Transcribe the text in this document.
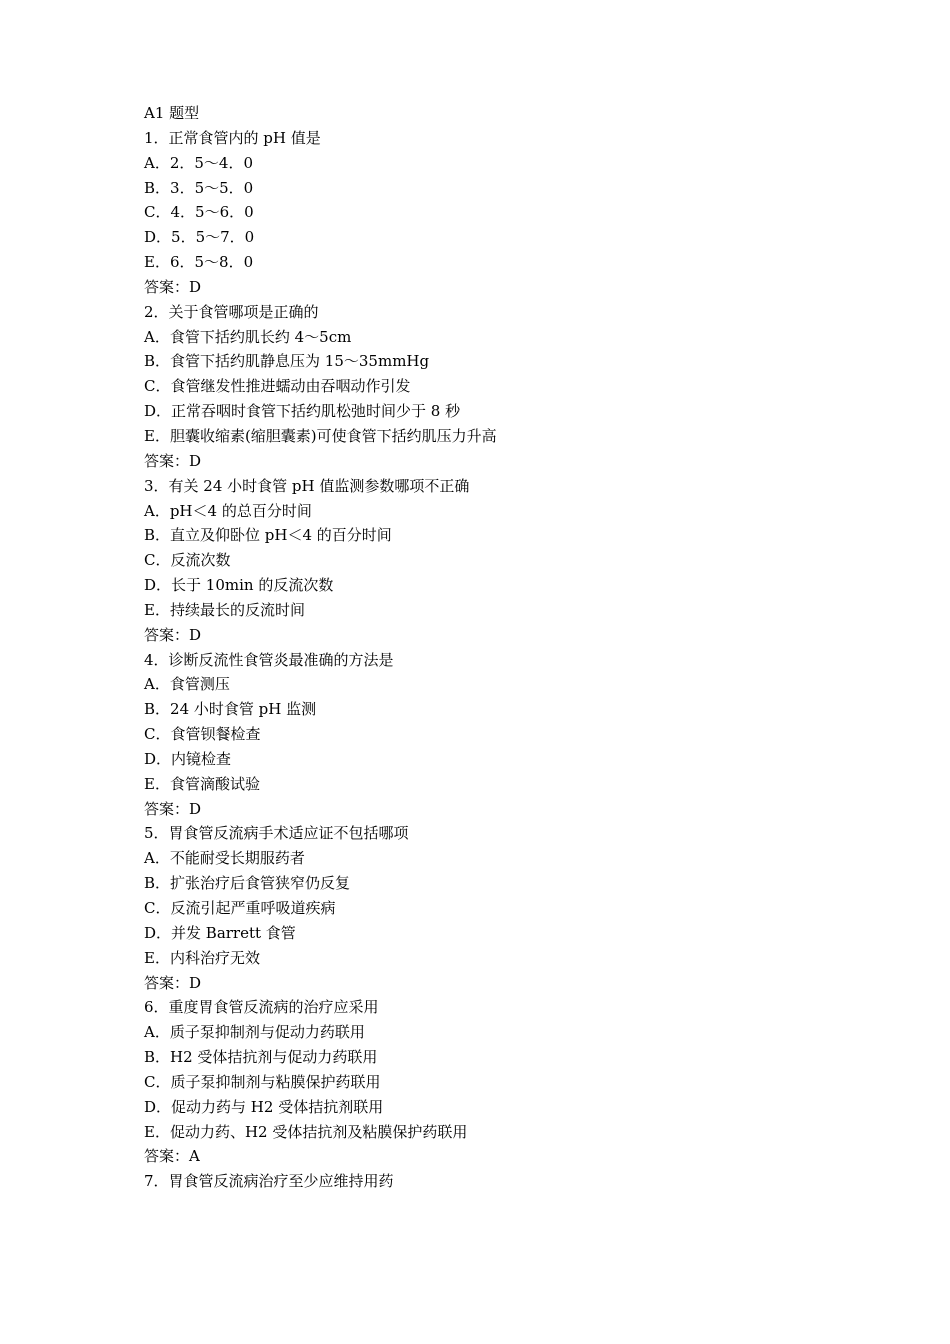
A1 题型
1．正常食管内的 pH 值是
A．2．5～4．0
B．3．5～5．0
C．4．5～6．0
D．5．5～7．0
E．6．5～8．0
答案：D
2．关于食管哪项是正确的
A．食管下括约肌长约 4～5cm
B．食管下括约肌静息压为 15～35mmHg
C．食管继发性推进蠕动由吞咽动作引发
D．正常吞咽时食管下括约肌松弛时间少于 8 秒
E．胆囊收缩素(缩胆囊素)可使食管下括约肌压力升高
答案：D
3．有关 24 小时食管 pH 值监测参数哪项不正确
A．pH＜4 的总百分时间
B．直立及仰卧位 pH＜4 的百分时间
C．反流次数
D．长于 10min 的反流次数
E．持续最长的反流时间
答案：D
4．诊断反流性食管炎最准确的方法是
A．食管测压
B．24 小时食管 pH 监测
C．食管钡餐检查
D．内镜检查
E．食管滴酸试验
答案：D
5．胃食管反流病手术适应证不包括哪项
A．不能耐受长期服药者
B．扩张治疗后食管狭窄仍反复
C．反流引起严重呼吸道疾病
D．并发 Barrett 食管
E．内科治疗无效
答案：D
6．重度胃食管反流病的治疗应采用
A．质子泵抑制剂与促动力药联用
B．H2 受体拮抗剂与促动力药联用
C．质子泵抑制剂与粘膜保护药联用
D．促动力药与 H2 受体拮抗剂联用
E．促动力药、H2 受体拮抗剂及粘膜保护药联用
答案：A
7．胃食管反流病治疗至少应维持用药
